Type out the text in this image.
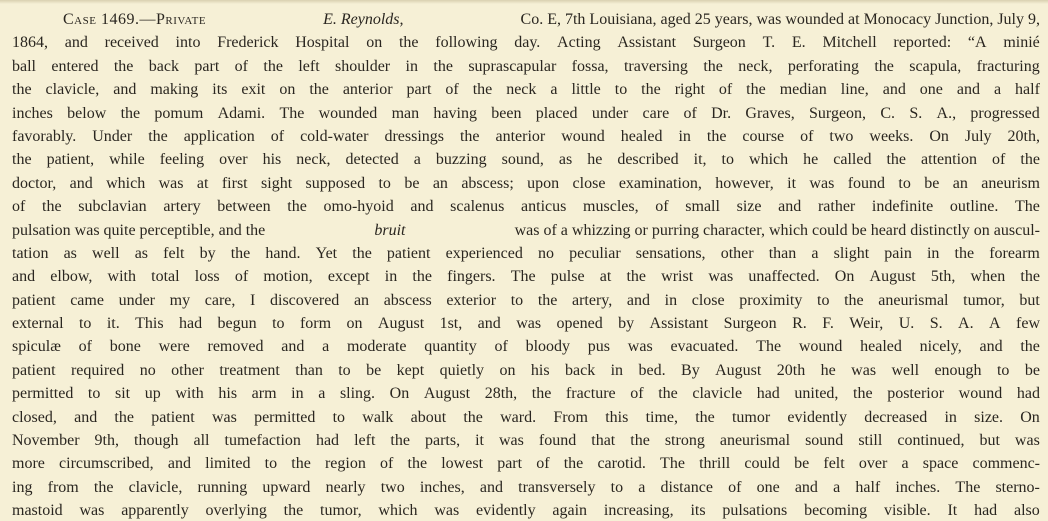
Case 1469.—Private	E. Reynolds,	Co. E, 7th Louisiana, aged 25 years, was wounded at Monocacy Junction, July 9,
1864, and received into Frederick Hospital on the following day. Acting Assistant Surgeon T. E. Mitchell reported: “A minié
ball entered the back part of the left shoulder in the suprascapular fossa, traversing the neck, perforating the scapula, fracturing
the clavicle, and making its exit on the anterior part of the neck a little to the right of the median line, and one and a half
inches below the pomum Adami. The wounded man having been placed under care of Dr. Graves, Surgeon, C. S. A., progressed
favorably. Under the application of cold-water dressings the anterior wound healed in the course of two weeks. On July 20th,
the patient, while feeling over his neck, detected a buzzing sound, as he described it, to which he called the attention of the
doctor, and which was at first sight supposed to be an abscess; upon close examination, however, it was found to be an aneurism
of the subclavian artery between the omo-hyoid and scalenus anticus muscles, of small size and rather indefinite outline. The
pulsation was quite perceptible, and the	bruit	was of a whizzing or purring character, which could be heard distinctly on auscul-
tation as well as felt by the hand. Yet the patient experienced no peculiar sensations, other than a slight pain in the forearm
and elbow, with total loss of motion, except in the fingers. The pulse at the wrist was unaffected. On August 5th, when the
patient came under my care, I discovered an abscess exterior to the artery, and in close proximity to the aneurismal tumor, but
external to it. This had begun to form on August 1st, and was opened by Assistant Surgeon R. F. Weir, U. S. A. A few
spiculæ of bone were removed and a moderate quantity of bloody pus was evacuated. The wound healed nicely, and the
patient required no other treatment than to be kept quietly on his back in bed. By August 20th he was well enough to be
permitted to sit up with his arm in a sling. On August 28th, the fracture of the clavicle had united, the posterior wound had
closed, and the patient was permitted to walk about the ward. From this time, the tumor evidently decreased in size. On
November 9th, though all tumefaction had left the parts, it was found that the strong aneurismal sound still continued, but was
more circumscribed, and limited to the region of the lowest part of the carotid. The thrill could be felt over a space commenc-
ing from the clavicle, running upward nearly two inches, and transversely to a distance of one and a half inches. The sterno-
mastoid was apparently overlying the tumor, which was evidently again increasing, its pulsations becoming visible. It had also
